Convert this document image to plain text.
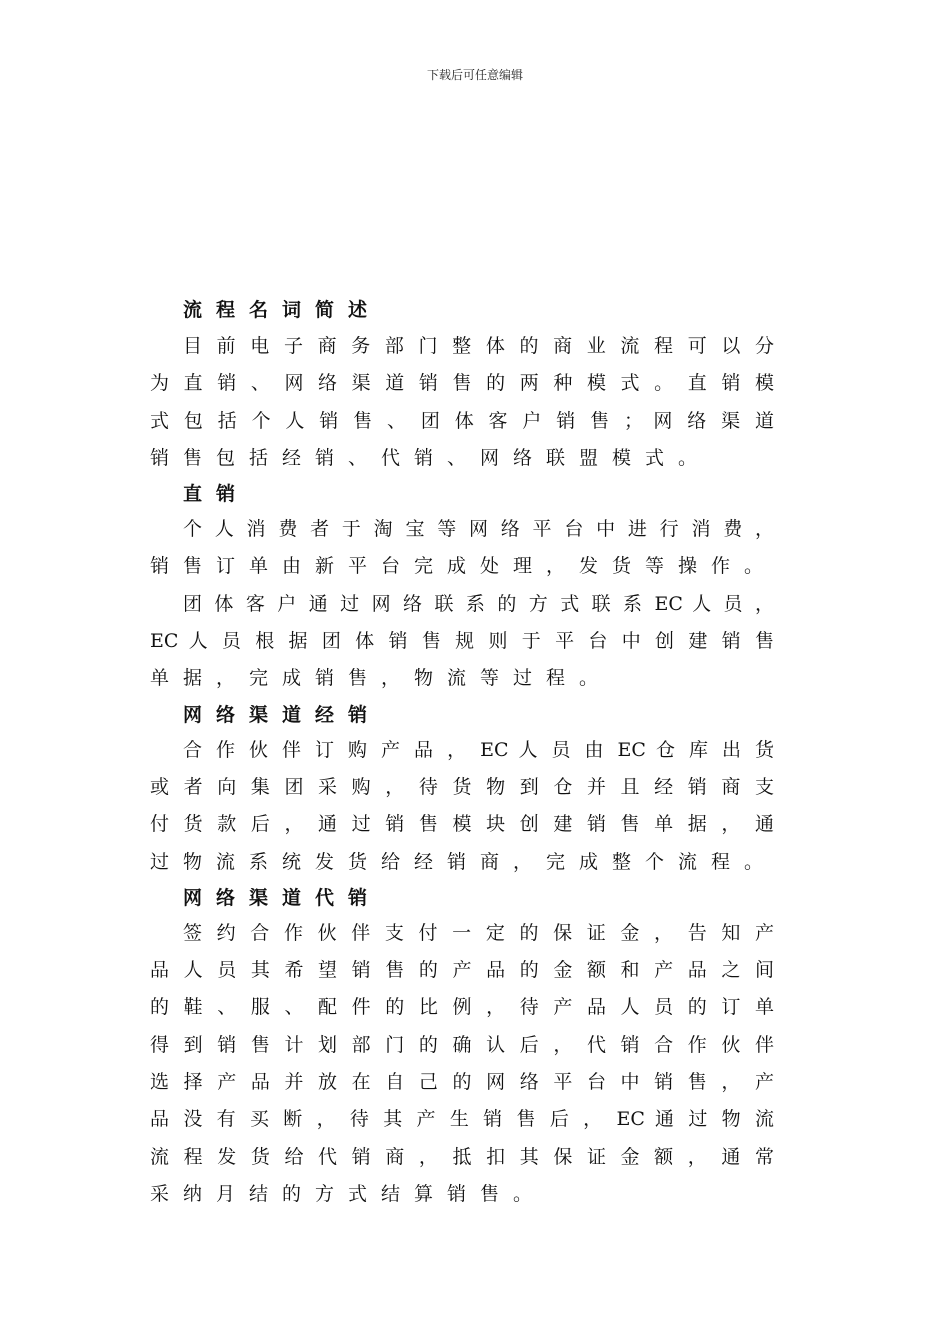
下载后可任意编辑
流程名词简述
目 前 电 子 商 务 部 门 整 体 的 商 业 流 程 可 以 分
为 直 销 、 网 络 渠 道 销 售 的 两 种 模 式 。 直 销 模
式 包 括 个 人 销 售 、 团 体 客 户 销 售 ； 网 络 渠 道
销售包括经销、代销、网络联盟模式。
直销
个 人 消 费 者 于 淘 宝 等 网 络 平 台 中 进 行 消 费 ，
销售订单由新平台完成处理，发货等操作。
团 体 客 户 通 过 网 络 联 系 的 方 式 联 系 EC 人 员 ，
EC 人 员 根 据 团 体 销 售 规 则 于 平 台 中 创 建 销 售
单据，完成销售，物流等过程。
网络渠道经销
合 作 伙 伴 订 购 产 品 ， EC 人 员 由 EC 仓 库 出 货
或 者 向 集 团 采 购 ， 待 货 物 到 仓 并 且 经 销 商 支
付 货 款 后 ， 通 过 销 售 模 块 创 建 销 售 单 据 ， 通
过物流系统发货给经销商，完成整个流程。
网络渠道代销
签 约 合 作 伙 伴 支 付 一 定 的 保 证 金 ， 告 知 产
品 人 员 其 希 望 销 售 的 产 品 的 金 额 和 产 品 之 间
的 鞋 、 服 、 配 件 的 比 例 ， 待 产 品 人 员 的 订 单
得 到 销 售 计 划 部 门 的 确 认 后 ， 代 销 合 作 伙 伴
选 择 产 品 并 放 在 自 己 的 网 络 平 台 中 销 售 ， 产
品 没 有 买 断 ， 待 其 产 生 销 售 后 ， EC 通 过 物 流
流 程 发 货 给 代 销 商 ， 抵 扣 其 保 证 金 额 ， 通 常
采纳月结的方式结算销售。
